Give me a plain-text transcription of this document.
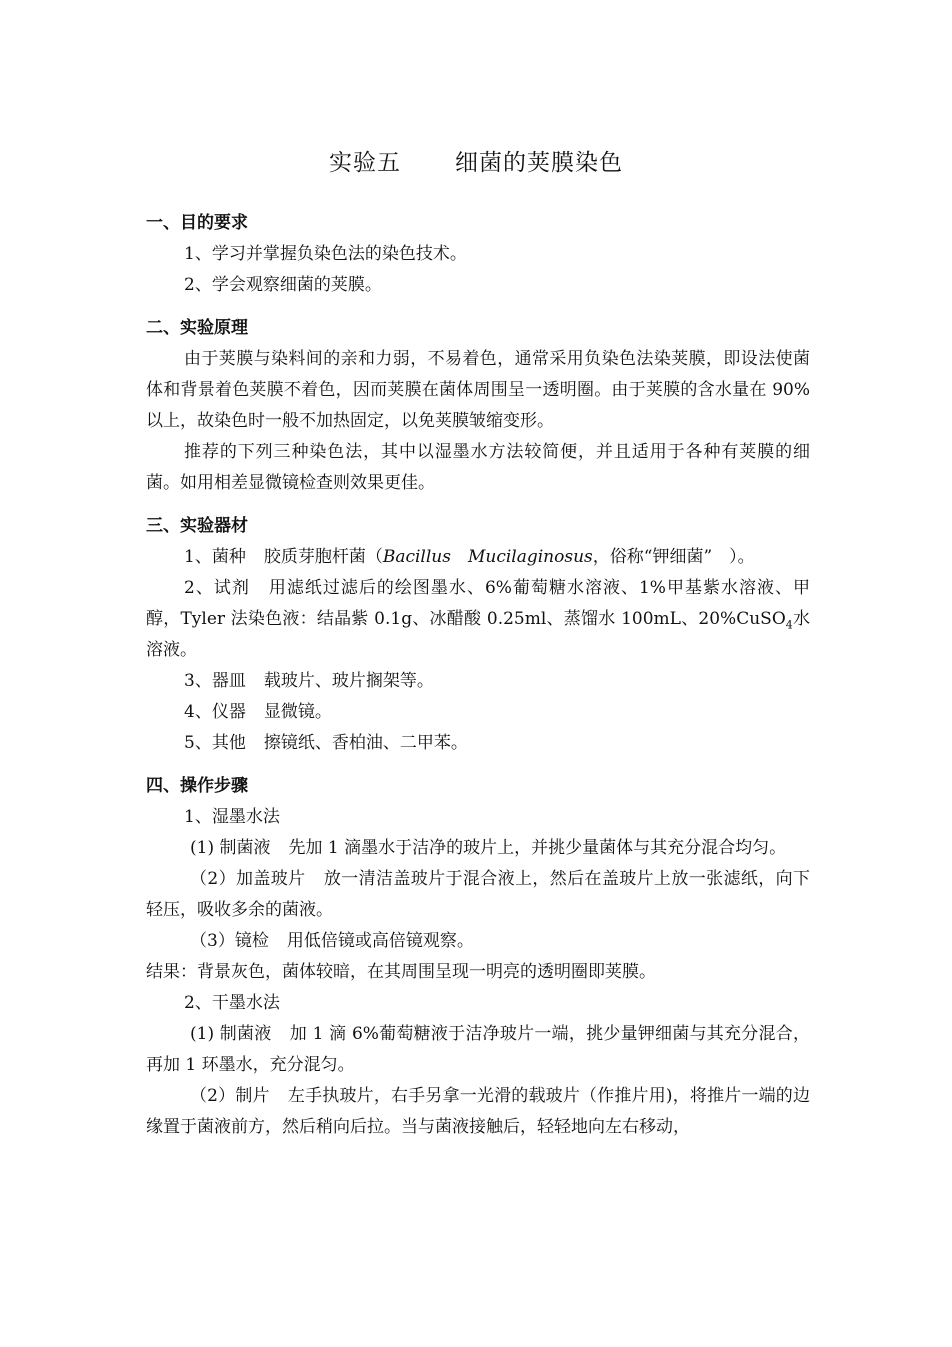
实验五 细菌的荚膜染色
一、目的要求
1、学习并掌握负染色法的染色技术。
2、学会观察细菌的荚膜。
二、实验原理
由于荚膜与染料间的亲和力弱，不易着色，通常采用负染色法染荚膜，即设法使菌体和背景着色荚膜不着色，因而荚膜在菌体周围呈一透明圈。由于荚膜的含水量在 90%以上，故染色时一般不加热固定，以免荚膜皱缩变形。
推荐的下列三种染色法，其中以湿墨水方法较简便，并且适用于各种有荚膜的细菌。如用相差显微镜检查则效果更佳。
三、实验器材
1、菌种 胶质芽胞杆菌（Bacillus　Mucilaginosus，俗称“钾细菌”　）。
2、试剂 用滤纸过滤后的绘图墨水、6%葡萄糖水溶液、1%甲基紫水溶液、甲醇，Tyler 法染色液：结晶紫 0.1g、冰醋酸 0.25ml、蒸馏水 100mL、20%CuSO$_4$水溶液。
3、器皿 载玻片、玻片搁架等。
4、仪器 显微镜。
5、其他 擦镜纸、香柏油、二甲苯。
四、操作步骤
1、湿墨水法
(1) 制菌液 先加 1 滴墨水于洁净的玻片上，并挑少量菌体与其充分混合均匀。
（2）加盖玻片 放一清洁盖玻片于混合液上，然后在盖玻片上放一张滤纸，向下轻压，吸收多余的菌液。
（3）镜检 用低倍镜或高倍镜观察。
结果：背景灰色，菌体较暗，在其周围呈现一明亮的透明圈即荚膜。
2、干墨水法
(1) 制菌液 加 1 滴 6%葡萄糖液于洁净玻片一端，挑少量钾细菌与其充分混合，再加 1 环墨水，充分混匀。
（2）制片 左手执玻片，右手另拿一光滑的载玻片（作推片用)，将推片一端的边缘置于菌液前方，然后稍向后拉。当与菌液接触后，轻轻地向左右移动，
